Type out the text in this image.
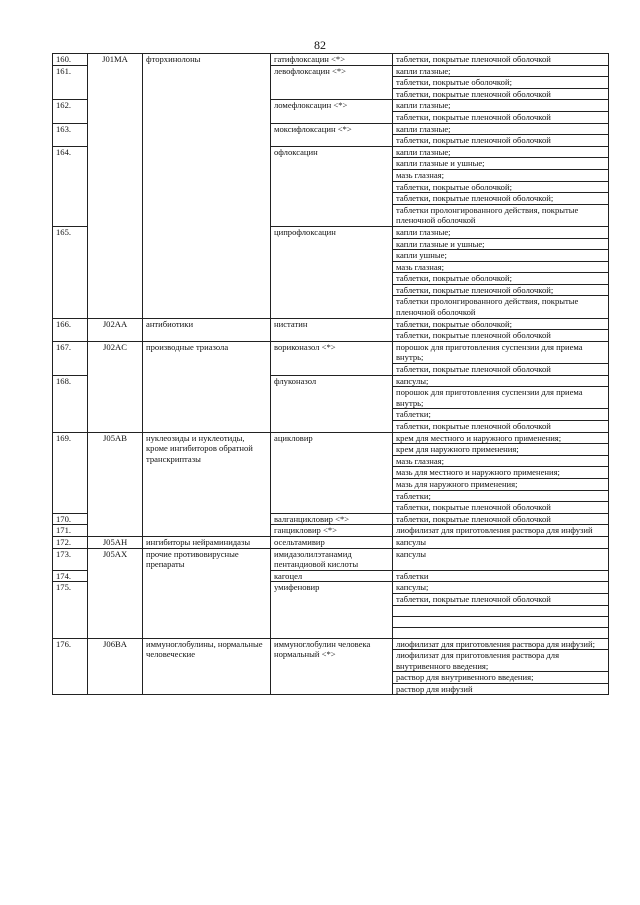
82
160.	J01MA	фторхинолоны	гатифлоксацин <*>	таблетки, покрытые пленочной оболочкой
161.			левофлоксацин <*>	капли глазные;
				таблетки, покрытые оболочкой;
				таблетки, покрытые пленочной оболочкой
162.			ломефлоксацин <*>	капли глазные;
				таблетки, покрытые пленочной оболочкой
163.			моксифлоксацин <*>	капли глазные;
				таблетки, покрытые пленочной оболочкой
164.			офлоксацин	капли глазные;
				капли глазные и ушные;
				мазь глазная;
				таблетки, покрытые оболочкой;
				таблетки, покрытые пленочной оболочкой;
				таблетки пролонгированного действия, покрытые пленочной оболочкой
165.			ципрофлоксацин	капли глазные;
				капли глазные и ушные;
				капли ушные;
				мазь глазная;
				таблетки, покрытые оболочкой;
				таблетки, покрытые пленочной оболочкой;
				таблетки пролонгированного действия, покрытые пленочной оболочкой
166.	J02AA	антибиотики	нистатин	таблетки, покрытые оболочкой;
				таблетки, покрытые пленочной оболочкой
167.	J02AC	производные триазола	вориконазол <*>	порошок для приготовления суспензии для приема внутрь;
				таблетки, покрытые пленочной оболочкой
168.			флуконазол	капсулы;
				порошок для приготовления суспензии для приема внутрь;
				таблетки;
				таблетки, покрытые пленочной оболочкой
169.	J05AB	нуклеозиды и нуклеотиды, кроме ингибиторов обратной транскриптазы	ацикловир	крем для местного и наружного применения;
				крем для наружного применения;
				мазь глазная;
				мазь для местного и наружного применения;
				мазь для наружного применения;
				таблетки;
				таблетки, покрытые пленочной оболочкой
170.			валганцикловир <*>	таблетки, покрытые пленочной оболочкой
171.			ганцикловир <*>	лиофилизат для приготовления раствора для инфузий
172.	J05AH	ингибиторы нейраминидазы	осельтамивир	капсулы
173.	J05AX	прочие противовирусные препараты	имидазолилэтанамид пентандиовой кислоты	капсулы
174.			кагоцел	таблетки
175.			умифеновир	капсулы;
				таблетки, покрытые пленочной оболочкой

176.	J06BA	иммуноглобулины, нормальные человеческие	иммуноглобулин человека нормальный <*>	лиофилизат для приготовления раствора для инфузий;
				лиофилизат для приготовления раствора для внутривенного введения;
				раствор для внутривенного введения;
				раствор для инфузий
